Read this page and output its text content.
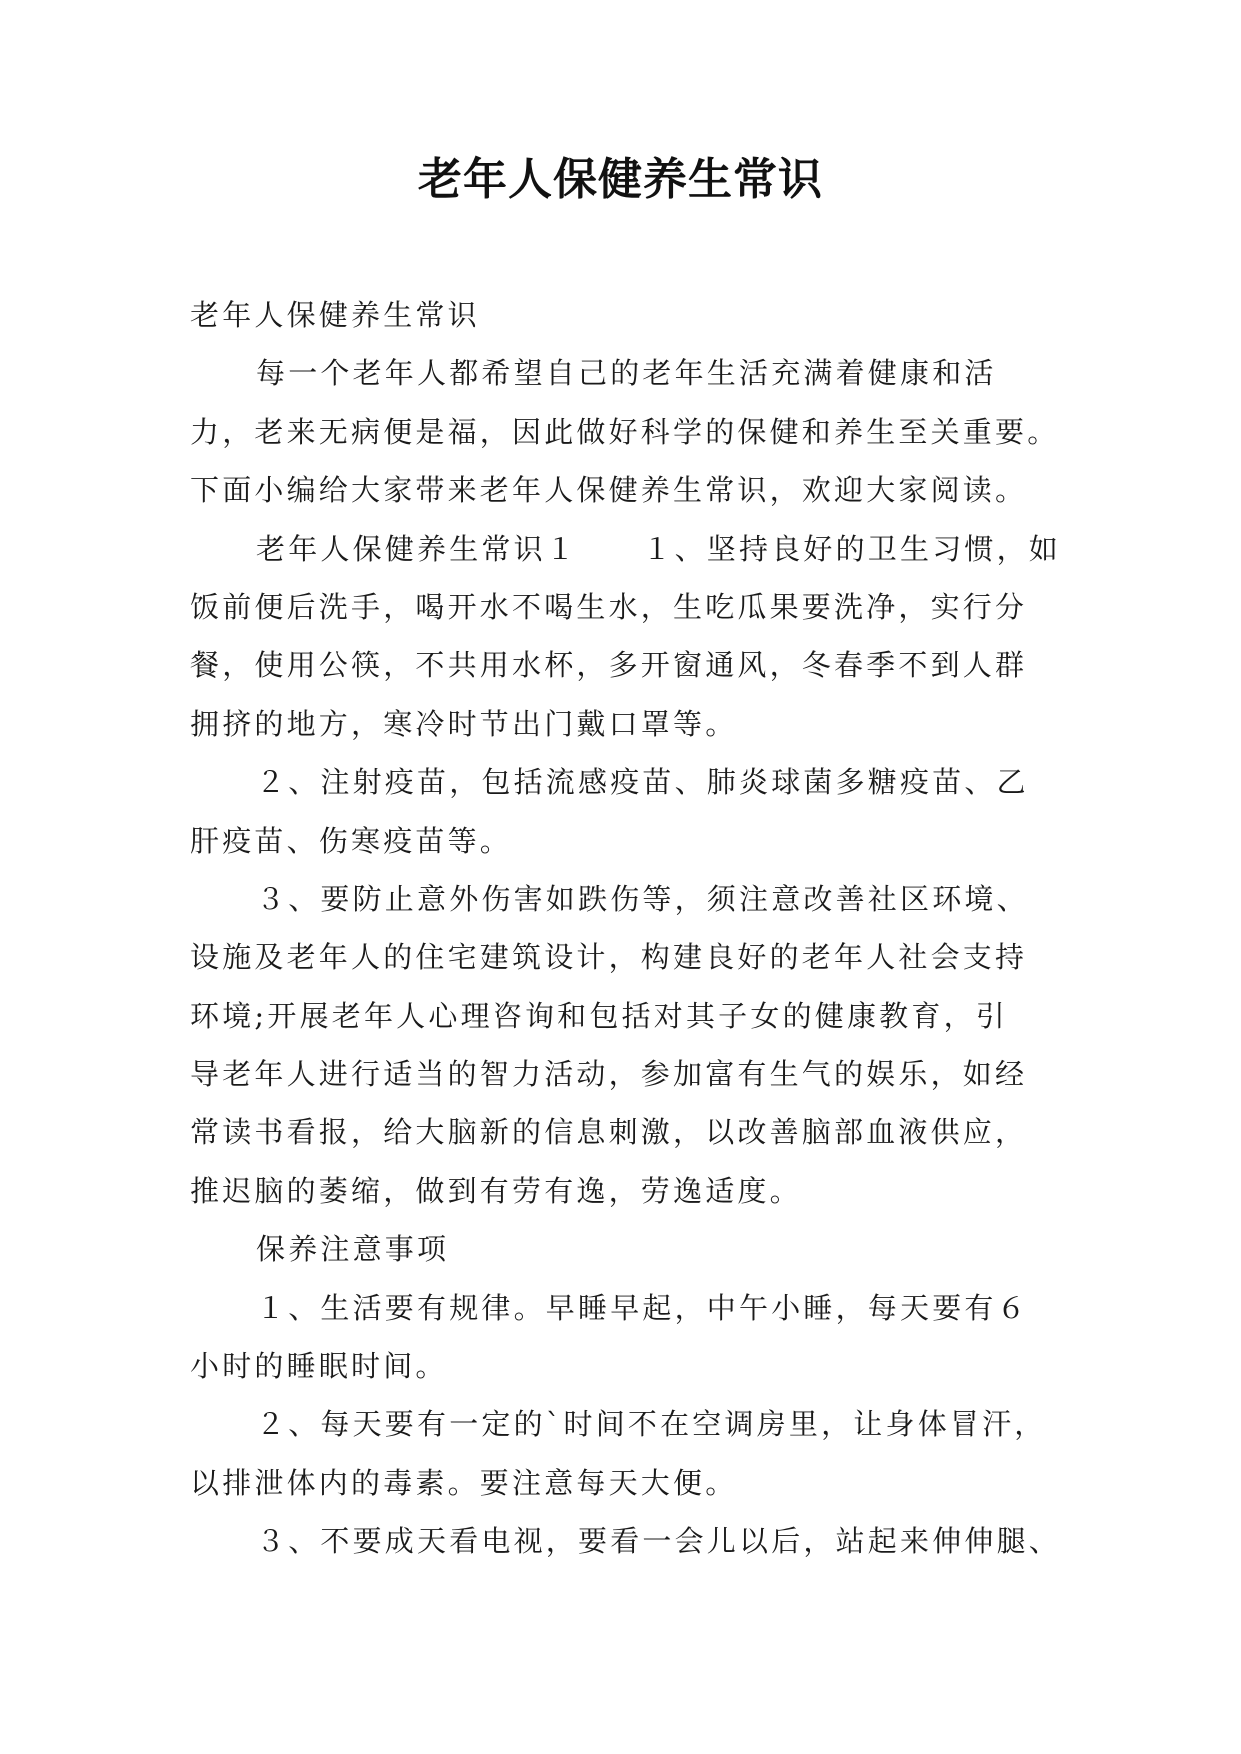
老年人保健养生常识
老年人保健养生常识
每一个老年人都希望自己的老年生活充满着健康和活
力，老来无病便是福，因此做好科学的保健和养生至关重要。
下面小编给大家带来老年人保健养生常识，欢迎大家阅读。
老年人保健养生常识１　　１、坚持良好的卫生习惯，如
饭前便后洗手，喝开水不喝生水，生吃瓜果要洗净，实行分
餐，使用公筷，不共用水杯，多开窗通风，冬春季不到人群
拥挤的地方，寒冷时节出门戴口罩等。
２、注射疫苗，包括流感疫苗、肺炎球菌多糖疫苗、乙
肝疫苗、伤寒疫苗等。
３、要防止意外伤害如跌伤等，须注意改善社区环境、
设施及老年人的住宅建筑设计，构建良好的老年人社会支持
环境;开展老年人心理咨询和包括对其子女的健康教育，引
导老年人进行适当的智力活动，参加富有生气的娱乐，如经
常读书看报，给大脑新的信息刺激，以改善脑部血液供应，
推迟脑的萎缩，做到有劳有逸，劳逸适度。
保养注意事项
１、生活要有规律。早睡早起，中午小睡，每天要有６
小时的睡眠时间。
２、每天要有一定的`时间不在空调房里，让身体冒汗，
以排泄体内的毒素。要注意每天大便。
３、不要成天看电视，要看一会儿以后，站起来伸伸腿、
